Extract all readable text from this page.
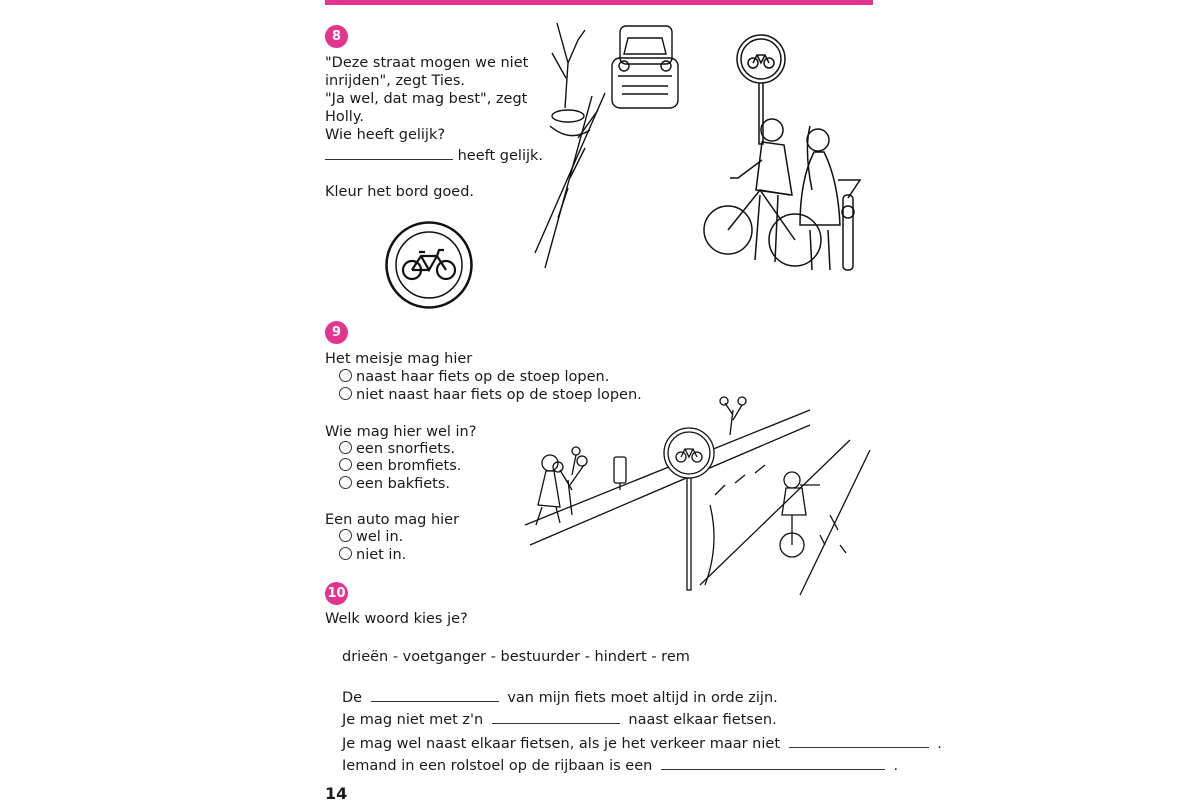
8
"Deze straat mogen we niet
inrijden", zegt Ties.
"Ja wel, dat mag best", zegt
Holly.
Wie heeft gelijk?
heeft gelijk.
Kleur het bord goed.
9
Het meisje mag hier
naast haar fiets op de stoep lopen.
niet naast haar fiets op de stoep lopen.
Wie mag hier wel in?
een snorfiets.
een bromfiets.
een bakfiets.
Een auto mag hier
wel in.
niet in.
10
Welk woord kies je?
drieën - voetganger - bestuurder - hindert - rem
De	van mijn fiets moet altijd in orde zijn.
Je mag niet met z'n	naast elkaar fietsen.
Je mag wel naast elkaar fietsen, als je het verkeer maar niet	.
Iemand in een rolstoel op de rijbaan is een	.
14
